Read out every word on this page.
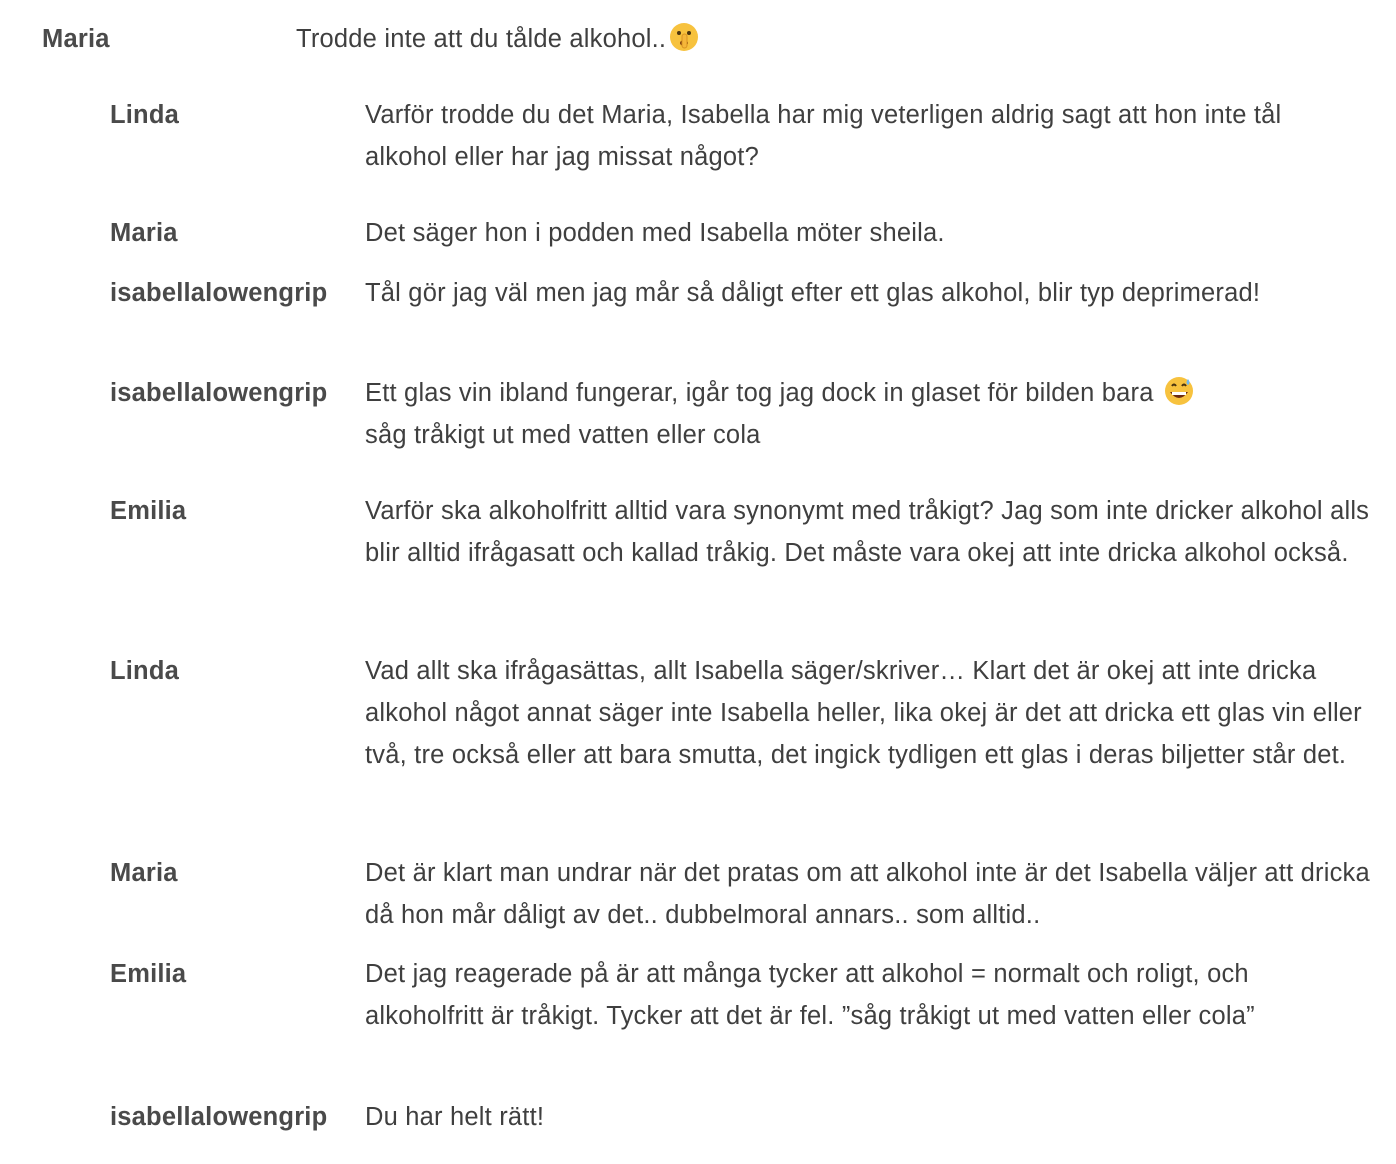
Maria	Trodde inte att du tålde alkohol..
Linda	Varför trodde du det Maria, Isabella har mig veterligen aldrig sagt att hon inte tål alkohol eller har jag missat något?
Maria	Det säger hon i podden med Isabella möter sheila.
isabellalowengrip Tål gör jag väl men jag mår så dåligt efter ett glas alkohol, blir typ deprimerad!
isabellalowengrip Ett glas vin ibland fungerar, igår tog jag dock in glaset för bilden bara
såg tråkigt ut med vatten eller cola
Emilia	Varför ska alkoholfritt alltid vara synonymt med tråkigt? Jag som inte dricker alkohol alls blir alltid ifrågasatt och kallad tråkig. Det måste vara okej att inte dricka alkohol också.
Linda	Vad allt ska ifrågasättas, allt Isabella säger/skriver… Klart det är okej att inte dricka alkohol något annat säger inte Isabella heller, lika okej är det att dricka ett glas vin eller två, tre också eller att bara smutta, det ingick tydligen ett glas i deras biljetter står det.
Maria	Det är klart man undrar när det pratas om att alkohol inte är det Isabella väljer att dricka då hon mår dåligt av det.. dubbelmoral annars.. som alltid..
Emilia	Det jag reagerade på är att många tycker att alkohol = normalt och roligt, och alkoholfritt är tråkigt. Tycker att det är fel. ”såg tråkigt ut med vatten eller cola”
isabellalowengrip Du har helt rätt!
